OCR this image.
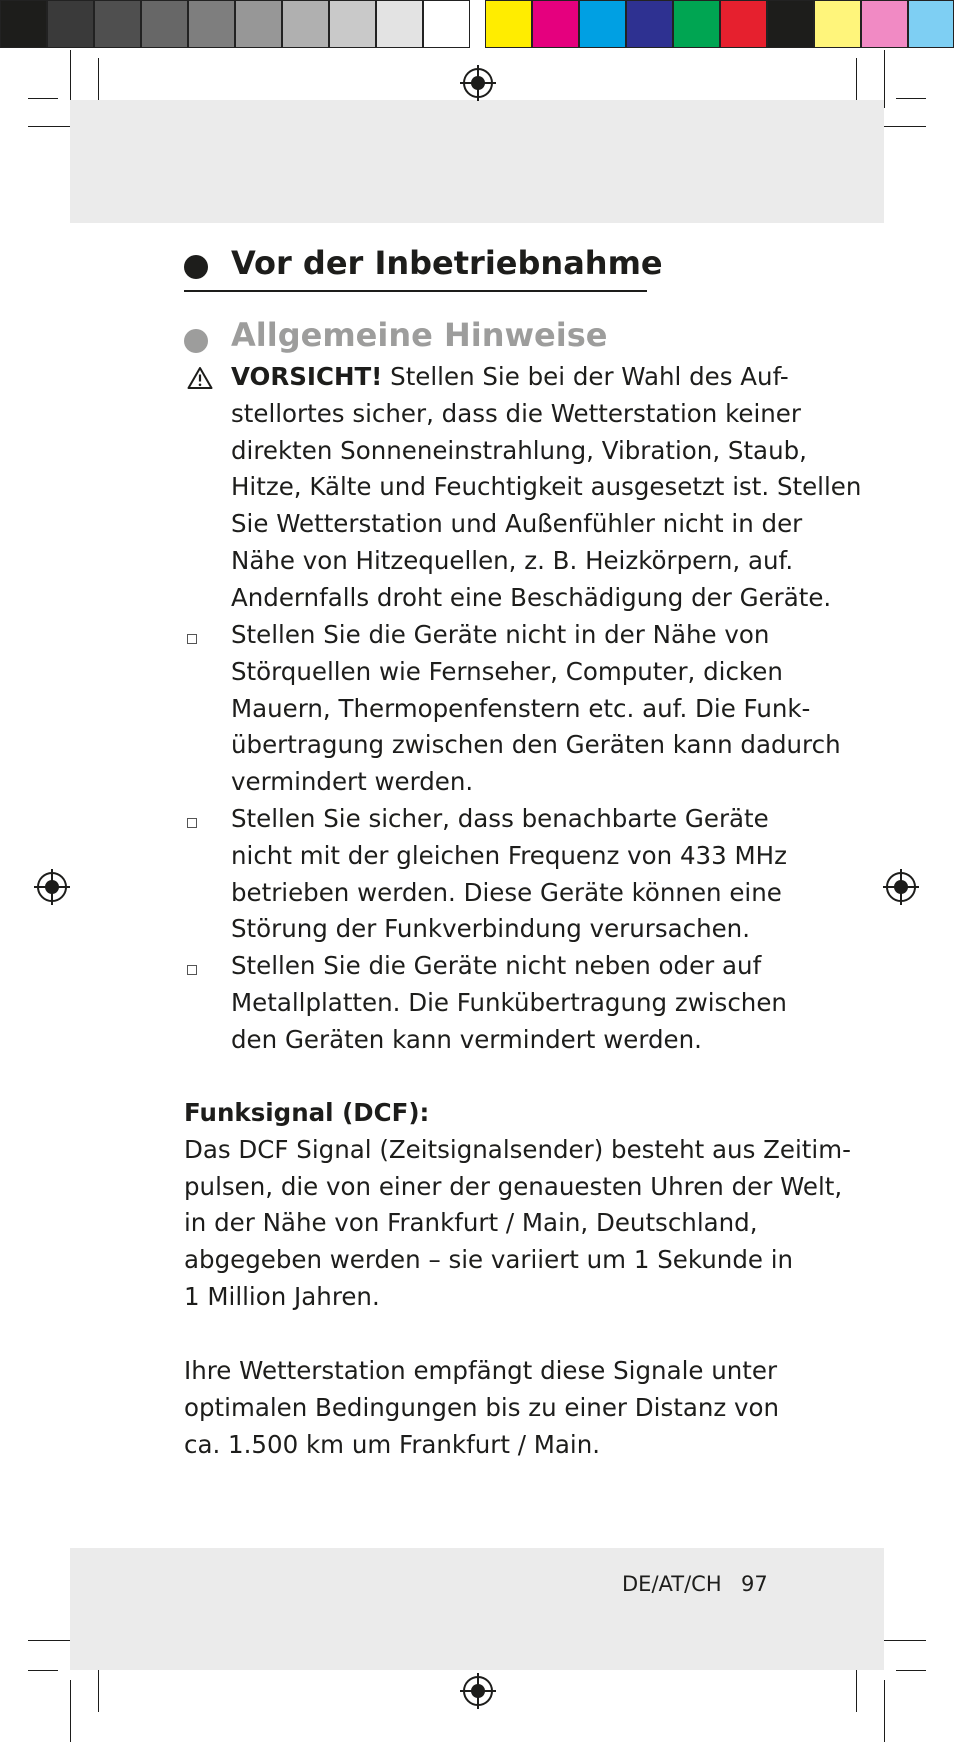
Vor der Inbetriebnahme
Allgemeine Hinweise
VORSICHT! Stellen Sie bei der Wahl des Auf-
stellortes sicher, dass die Wetterstation keiner
direkten Sonneneinstrahlung, Vibration, Staub,
Hitze, Kälte und Feuchtigkeit ausgesetzt ist. Stellen
Sie Wetterstation und Außenfühler nicht in der
Nähe von Hitzequellen, z. B. Heizkörpern, auf.
Andernfalls droht eine Beschädigung der Geräte.
Stellen Sie die Geräte nicht in der Nähe von
Störquellen wie Fernseher, Computer, dicken
Mauern, Thermopenfenstern etc. auf. Die Funk-
übertragung zwischen den Geräten kann dadurch
vermindert werden.
Stellen Sie sicher, dass benachbarte Geräte
nicht mit der gleichen Frequenz von 433 MHz
betrieben werden. Diese Geräte können eine
Störung der Funkverbindung verursachen.
Stellen Sie die Geräte nicht neben oder auf
Metallplatten. Die Funkübertragung zwischen
den Geräten kann vermindert werden.
Funksignal (DCF):
Das DCF Signal (Zeitsignalsender) besteht aus Zeitim-
pulsen, die von einer der genauesten Uhren der Welt,
in der Nähe von Frankfurt / Main, Deutschland,
abgegeben werden – sie variiert um 1 Sekunde in
1 Million Jahren.
Ihre Wetterstation empfängt diese Signale unter
optimalen Bedingungen bis zu einer Distanz von
ca. 1.500 km um Frankfurt / Main.
DE/AT/CH 97
